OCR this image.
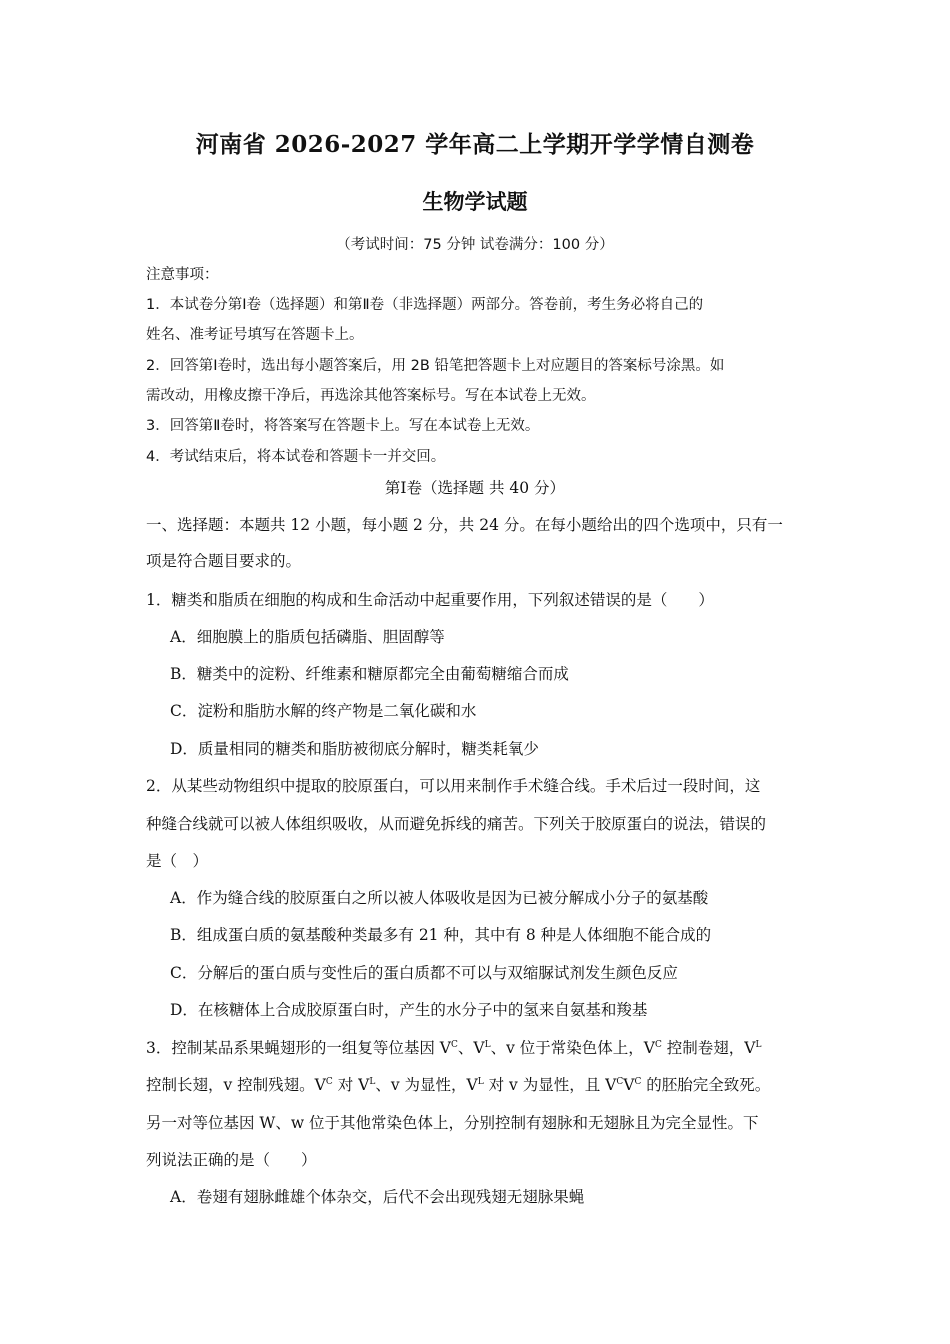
河南省 2026-2027 学年高二上学期开学学情自测卷
生物学试题
（考试时间：75 分钟 试卷满分：100 分）
注意事项：
1．本试卷分第Ⅰ卷（选择题）和第Ⅱ卷（非选择题）两部分。答卷前，考生务必将自己的
姓名、准考证号填写在答题卡上。
2．回答第Ⅰ卷时，选出每小题答案后，用 2B 铅笔把答题卡上对应题目的答案标号涂黑。如
需改动，用橡皮擦干净后，再选涂其他答案标号。写在本试卷上无效。
3．回答第Ⅱ卷时，将答案写在答题卡上。写在本试卷上无效。
4．考试结束后，将本试卷和答题卡一并交回。
第Ⅰ卷（选择题 共 40 分）
一、选择题：本题共 12 小题，每小题 2 分，共 24 分。在每小题给出的四个选项中，只有一
项是符合题目要求的。
1．糖类和脂质在细胞的构成和生命活动中起重要作用，下列叙述错误的是（　　）
A．细胞膜上的脂质包括磷脂、胆固醇等
B．糖类中的淀粉、纤维素和糖原都完全由葡萄糖缩合而成
C．淀粉和脂肪水解的终产物是二氧化碳和水
D．质量相同的糖类和脂肪被彻底分解时，糖类耗氧少
2．从某些动物组织中提取的胶原蛋白，可以用来制作手术缝合线。手术后过一段时间，这
种缝合线就可以被人体组织吸收，从而避免拆线的痛苦。下列关于胶原蛋白的说法，错误的
是（　）
A．作为缝合线的胶原蛋白之所以被人体吸收是因为已被分解成小分子的氨基酸
B．组成蛋白质的氨基酸种类最多有 21 种，其中有 8 种是人体细胞不能合成的
C．分解后的蛋白质与变性后的蛋白质都不可以与双缩脲试剂发生颜色反应
D．在核糖体上合成胶原蛋白时，产生的水分子中的氢来自氨基和羧基
3．控制某品系果蝇翅形的一组复等位基因 $V^C$、$V^L$、v 位于常染色体上，$V^C$ 控制卷翅，$V^L$
控制长翅，v 控制残翅。$V^C$ 对 $V^L$、v 为显性，$V^L$ 对 v 为显性，且 $V^CV^C$ 的胚胎完全致死。
另一对等位基因 W、w 位于其他常染色体上，分别控制有翅脉和无翅脉且为完全显性。下
列说法正确的是（　　）
A．卷翅有翅脉雌雄个体杂交，后代不会出现残翅无翅脉果蝇
